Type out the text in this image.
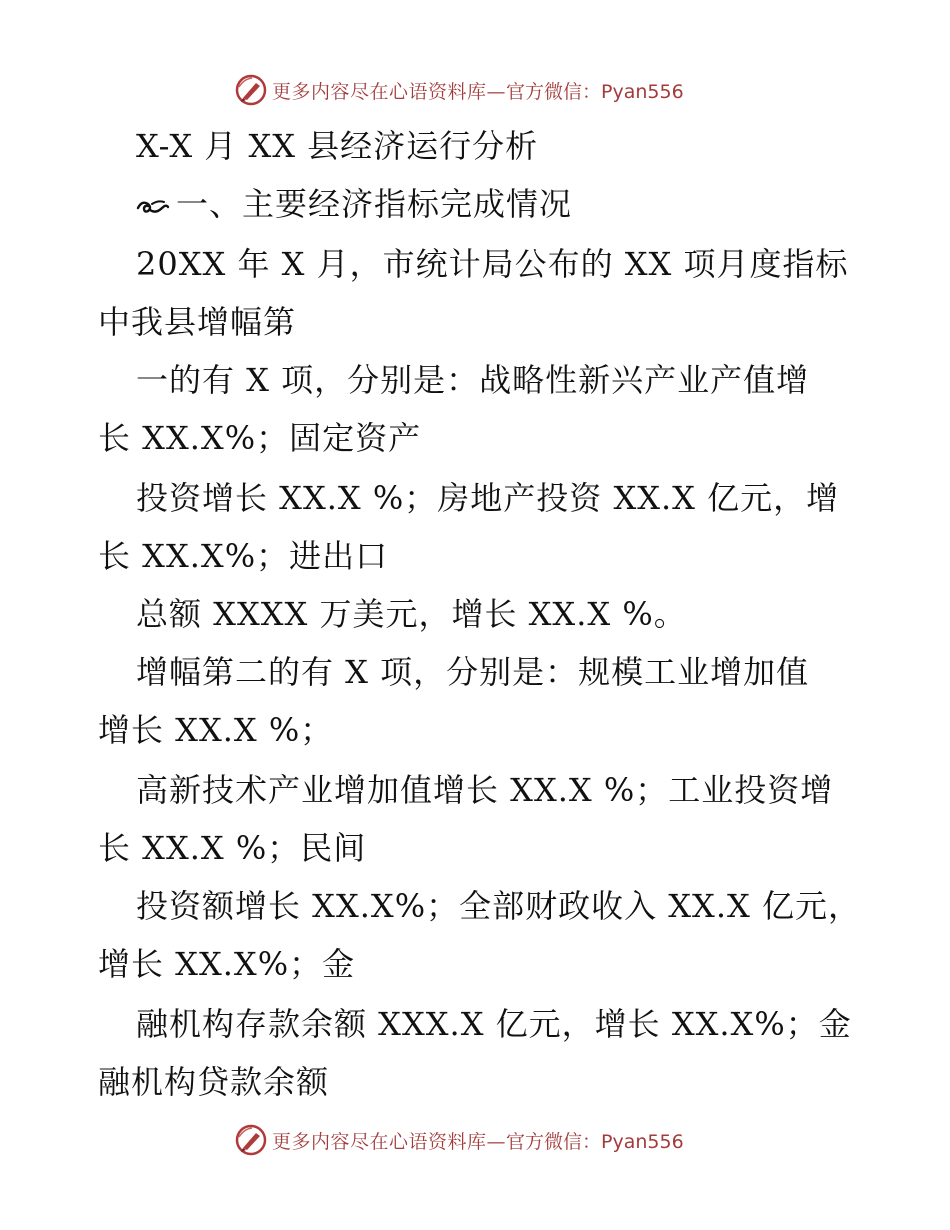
更多内容尽在心语资料库— 官方微信：Pyan556
X-X 月 XX 县经济运行分析
一、主要经济指标完成情况
20XX 年 X 月，市统计局公布的 XX 项月度指标
中我县增幅第
一的有 X 项，分别是：战略性新兴产业产值增
长 XX.X%；固定资产
投资增长 XX.X %；房地产投资 XX.X 亿元，增
长 XX.X%；进出口
总额 XXXX 万美元，增长 XX.X %。
增幅第二的有 X 项，分别是：规模工业增加值
增长 XX.X %；
高新技术产业增加值增长 XX.X %；工业投资增
长 XX.X %；民间
投资额增长 XX.X%；全部财政收入 XX.X 亿元，
增长 XX.X%；金
融机构存款余额 XXX.X 亿元，增长 XX.X%；金
融机构贷款余额
更多内容尽在心语资料库— 官方微信：Pyan556
